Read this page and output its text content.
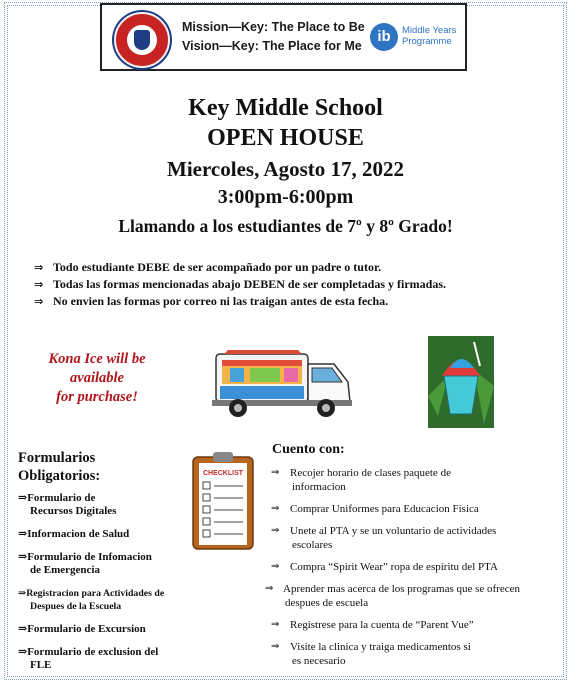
Mission—Key: The Place to Be
Vision—Key: The Place for Me
ib	Middle Years
Programme
Key Middle School
OPEN HOUSE
Miercoles, Agosto 17, 2022
3:00pm-6:00pm
Llamando a los estudiantes de 7º y 8º Grado!
⇒ Todo estudiante DEBE de ser acompañado por un padre o tutor.
⇒ Todas las formas mencionadas abajo DEBEN de ser completadas y firmadas.
⇒ No envien las formas por correo ni las traigan antes de esta fecha.
Kona Ice will be
available
for purchase!
Formularios
Obligatorios:
⇒Formulario de
Recursos Digitales
⇒Informacion de Salud
⇒Formulario de Infomacion
de Emergencia
⇒Registracion para Actividades de
Despues de la Escuela
⇒Formulario de Excursion
⇒Formulario de exclusion del
FLE
CHECKLIST
Cuento con:
⇒ Recojer horario de clases paquete de
informacion
⇒ Comprar Uniformes para Educacion Física
⇒ Unete al PTA y se un voluntario de actividades
escolares
⇒ Compra “Spirit Wear” ropa de espíritu del PTA
⇒ Aprender mas acerca de los programas que se ofrecen
despues de escuela
⇒ Registrese para la cuenta de “Parent Vue”
⇒ Visite la clinica y traiga medicamentos si
es necesario
